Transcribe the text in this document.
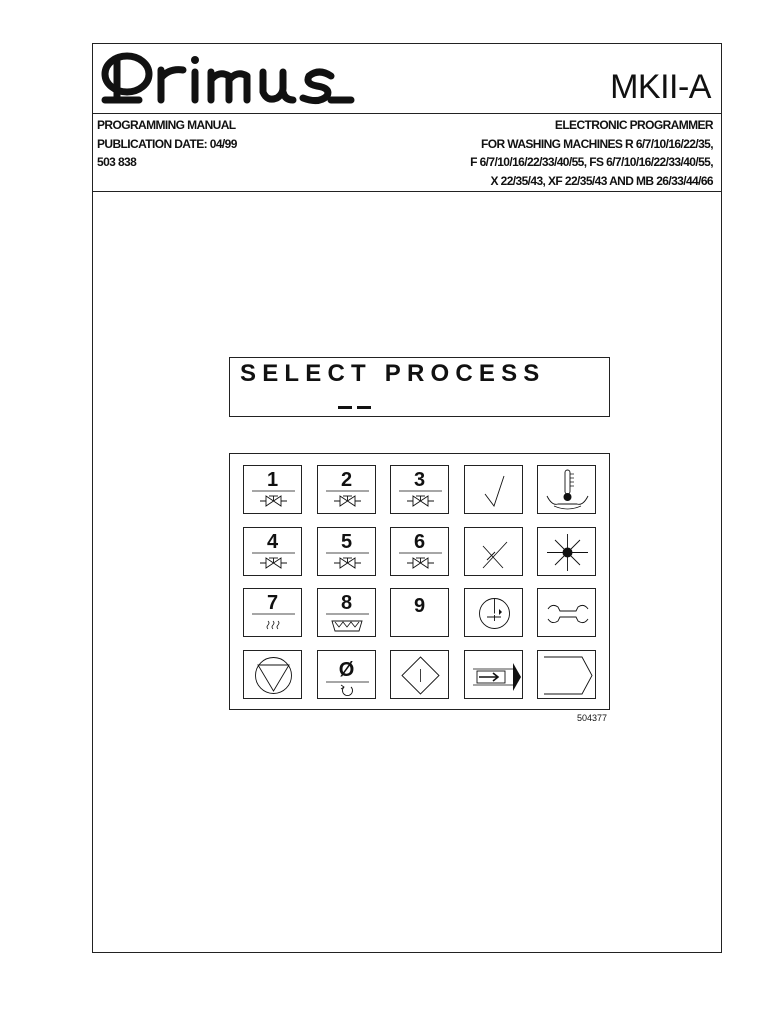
MKII-A
PROGRAMMING MANUAL
PUBLICATION DATE: 04/99
503 838
ELECTRONIC PROGRAMMER
FOR WASHING MACHINES R 6/7/10/16/22/35,
F 6/7/10/16/22/33/40/55, FS 6/7/10/16/22/33/40/55,
X 22/35/43, XF 22/35/43 AND MB 26/33/44/66
SELECT PROCESS
1	2	3
4	5	6
7	8	9
Ø
504377
